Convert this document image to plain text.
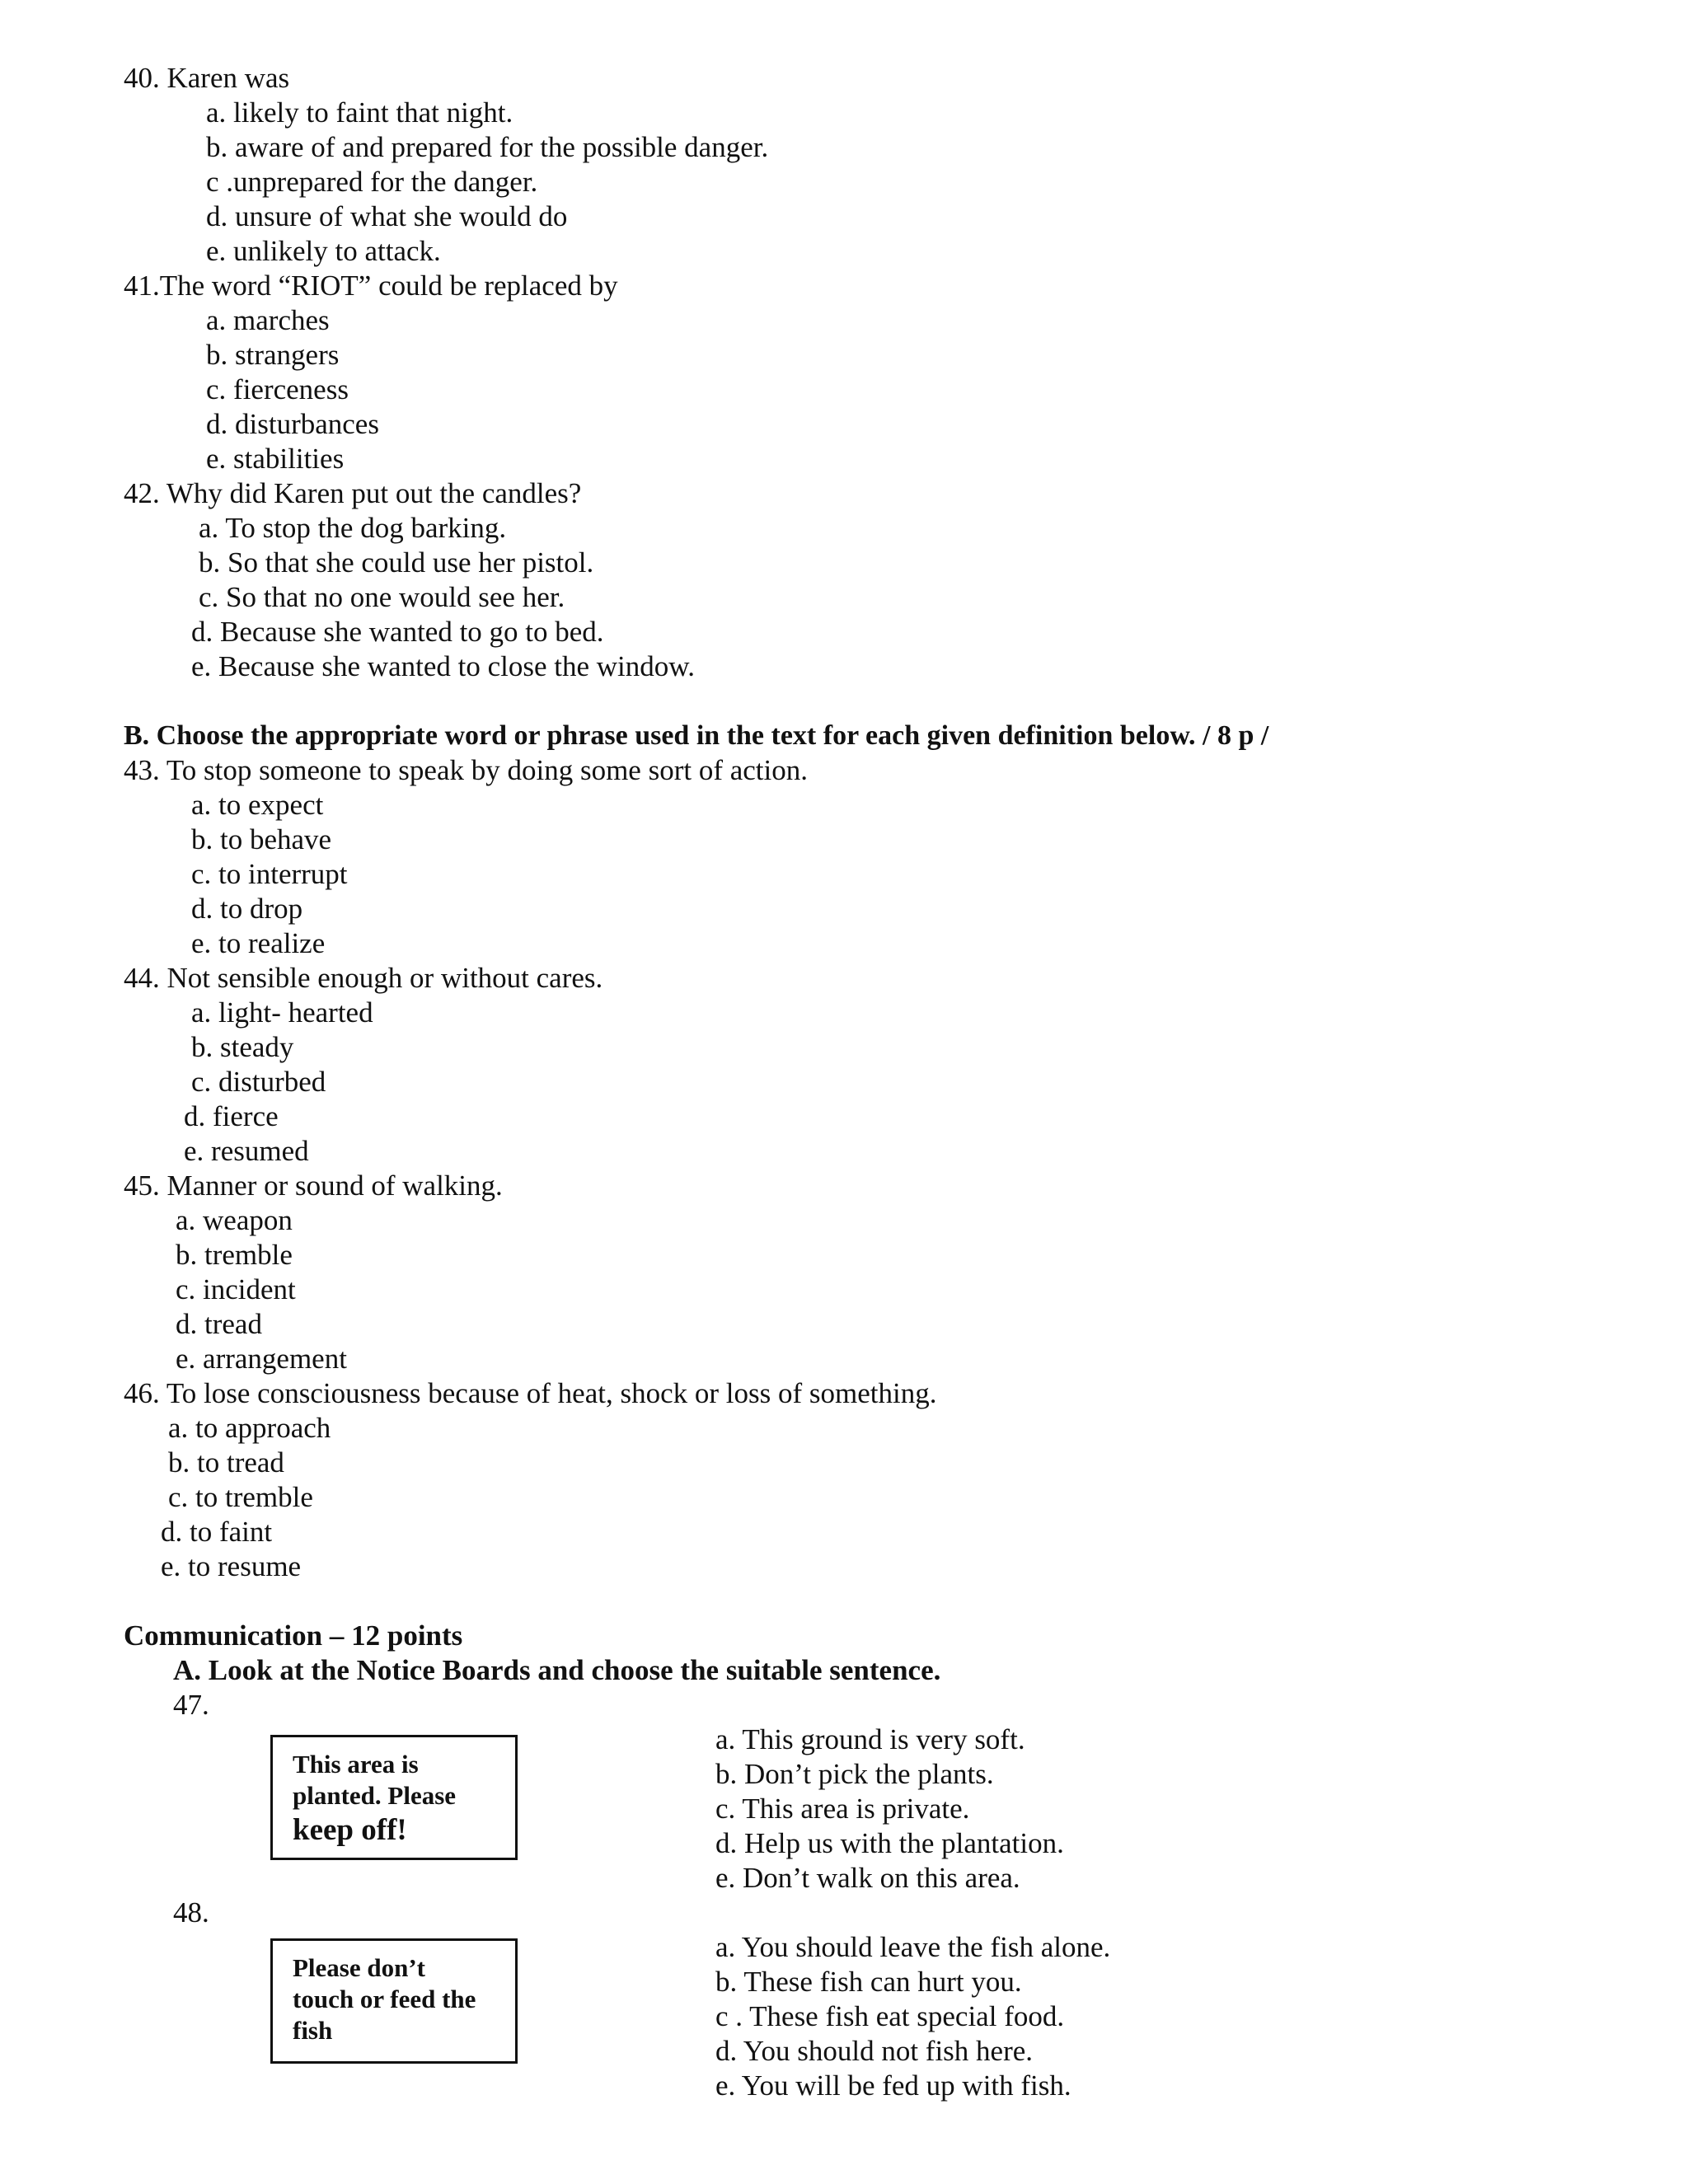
40. Karen was
a. likely to faint that night.
b. aware of and prepared for the possible danger.
c .unprepared for the danger.
d. unsure of what she would do
e. unlikely to attack.
41.The word “RIOT” could be replaced by
a. marches
b. strangers
c. fierceness
d. disturbances
e. stabilities
42. Why did Karen put out the candles?
a. To stop the dog barking.
b. So that she could use her pistol.
c. So that no one would see her.
d. Because she wanted to go to bed.
e. Because she wanted to close the window.
B. Choose the appropriate word or phrase used in the text for each given definition below. / 8 p /
43. To stop someone to speak by doing some sort of action.
a. to expect
b. to behave
c. to interrupt
d. to drop
e. to realize
44. Not sensible enough or without cares.
a. light- hearted
b. steady
c. disturbed
d. fierce
e. resumed
45. Manner or sound of walking.
a. weapon
b. tremble
c. incident
d. tread
e. arrangement
46. To lose consciousness because of heat, shock or loss of something.
a. to approach
b. to tread
c. to tremble
d. to faint
e. to resume
Communication – 12 points
A. Look at the Notice Boards and choose the suitable sentence.
47.
This area is
planted. Please
keep off!
a. This ground is very soft.
b. Don’t pick the plants.
c. This area is private.
d. Help us with the plantation.
e. Don’t walk on this area.
48.
Please don’t
touch or feed the
fish
a. You should leave the fish alone.
b. These fish can hurt you.
c . These fish eat special food.
d. You should not fish here.
e. You will be fed up with fish.
